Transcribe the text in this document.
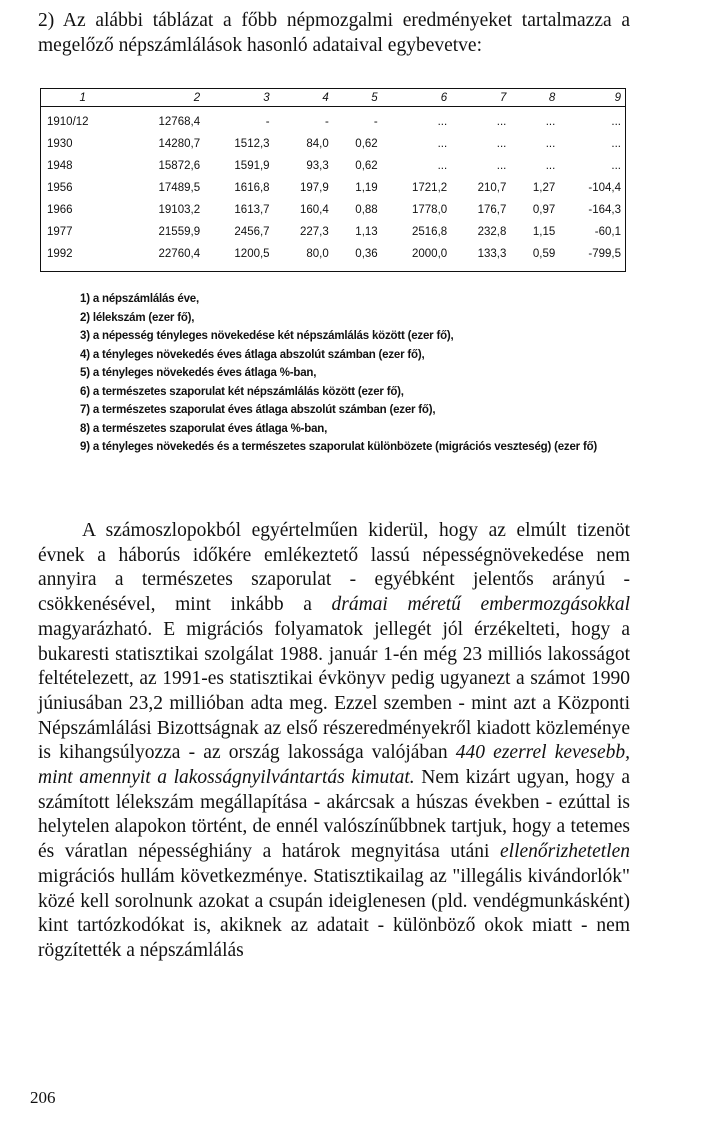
2) Az alábbi táblázat a főbb népmozgalmi eredményeket tartalmazza a megelőző népszámlálások hasonló adataival egybevetve:

1	2	3	4	5	6	7	8	9
1910/12	12768,4	-	-	-	...	...	...	...
1930	14280,7	1512,3	84,0	0,62	...	...	...	...
1948	15872,6	1591,9	93,3	0,62	...	...	...	...
1956	17489,5	1616,8	197,9	1,19	1721,2	210,7	1,27	-104,4
1966	19103,2	1613,7	160,4	0,88	1778,0	176,7	0,97	-164,3
1977	21559,9	2456,7	227,3	1,13	2516,8	232,8	1,15	-60,1
1992	22760,4	1200,5	80,0	0,36	2000,0	133,3	0,59	-799,5
1) a népszámlálás éve,
2) lélekszám (ezer fő),
3) a népesség tényleges növekedése két népszámlálás között (ezer fő),
4) a tényleges növekedés éves átlaga abszolút számban (ezer fő),
5) a tényleges növekedés éves átlaga %-ban,
6) a természetes szaporulat két népszámlálás között (ezer fő),
7) a természetes szaporulat éves átlaga abszolút számban (ezer fő),
8) a természetes szaporulat éves átlaga %-ban,
9) a tényleges növekedés és a természetes szaporulat különbözete (migrációs veszteség) (ezer fő)

A számoszlopokból egyértelműen kiderül, hogy az elmúlt tizenöt évnek a háborús időkére emlékeztető lassú népességnövekedése nem annyira a természetes szaporulat - egyébként jelentős arányú - csökkenésével, mint inkább a drámai méretű embermozgásokkal magyarázható. E migrációs folyamatok jellegét jól érzékelteti, hogy a bukaresti statisztikai szolgálat 1988. január 1-én még 23 milliós lakosságot feltételezett, az 1991-es statisztikai évkönyv pedig ugyanezt a számot 1990 júniusában 23,2 millióban adta meg. Ezzel szemben - mint azt a Központi Népszámlálási Bizottságnak az első részeredményekről kiadott közleménye is kihangsúlyozza - az ország lakossága valójában 440 ezerrel kevesebb, mint amennyit a lakosságnyilvántartás kimutat. Nem kizárt ugyan, hogy a számított lélekszám megállapítása - akárcsak a húszas években - ezúttal is helytelen alapokon történt, de ennél valószínűbbnek tartjuk, hogy a tetemes és váratlan népességhiány a határok megnyitása utáni ellenőrizhetetlen migrációs hullám következménye. Statisztikailag az "illegális kivándorlók" közé kell sorolnunk azokat a csupán ideiglenesen (pld. vendégmunkásként) kint tartózkodókat is, akiknek az adatait - különböző okok miatt - nem rögzítették a népszámlálás

206
